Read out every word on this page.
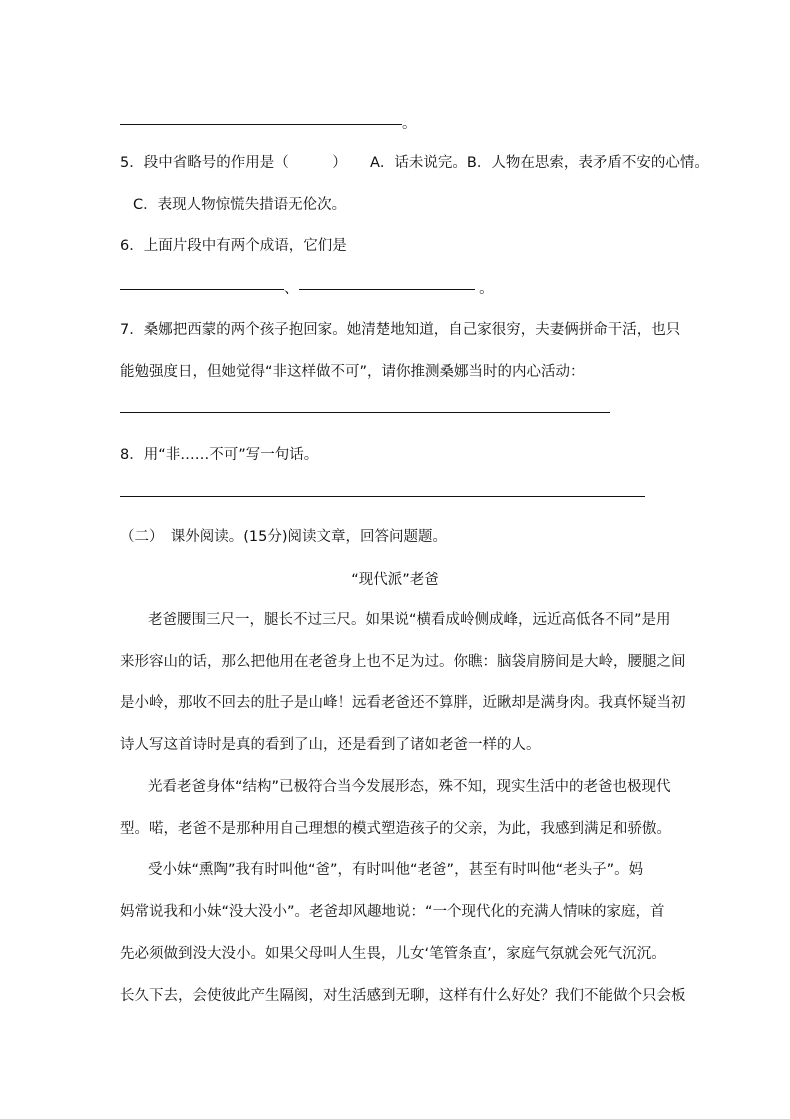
。
5．段中省略号的作用是（　　　） A．话未说完。B．人物在思索，表矛盾不安的心情。
C．表现人物惊慌失措语无伦次。
6．上面片段中有两个成语，它们是
、	。
7．桑娜把西蒙的两个孩子抱回家。她清楚地知道，自己家很穷，夫妻俩拼命干活，也只
能勉强度日，但她觉得“非这样做不可”，请你推测桑娜当时的内心活动：
8．用“非……不可”写一句话。
（二）　课外阅读。(15分)阅读文章，回答问题题。
“现代派”老爸
老爸腰围三尺一，腿长不过三尺。如果说“横看成岭侧成峰，远近高低各不同”是用
来形容山的话，那么把他用在老爸身上也不足为过。你瞧：脑袋肩膀间是大岭，腰腿之间
是小岭，那收不回去的肚子是山峰！远看老爸还不算胖，近瞅却是满身肉。我真怀疑当初
诗人写这首诗时是真的看到了山，还是看到了诸如老爸一样的人。
光看老爸身体“结构”已极符合当今发展形态，殊不知，现实生活中的老爸也极现代
型。喏，老爸不是那种用自己理想的模式塑造孩子的父亲，为此，我感到满足和骄傲。
受小妹“熏陶”我有时叫他“爸”，有时叫他“老爸”，甚至有时叫他“老头子”。妈
妈常说我和小妹“没大没小”。老爸却风趣地说：“一个现代化的充满人情味的家庭，首
先必须做到没大没小。如果父母叫人生畏，儿女‘笔管条直’，家庭气氛就会死气沉沉。
长久下去，会使彼此产生隔阂，对生活感到无聊，这样有什么好处？我们不能做个只会板
